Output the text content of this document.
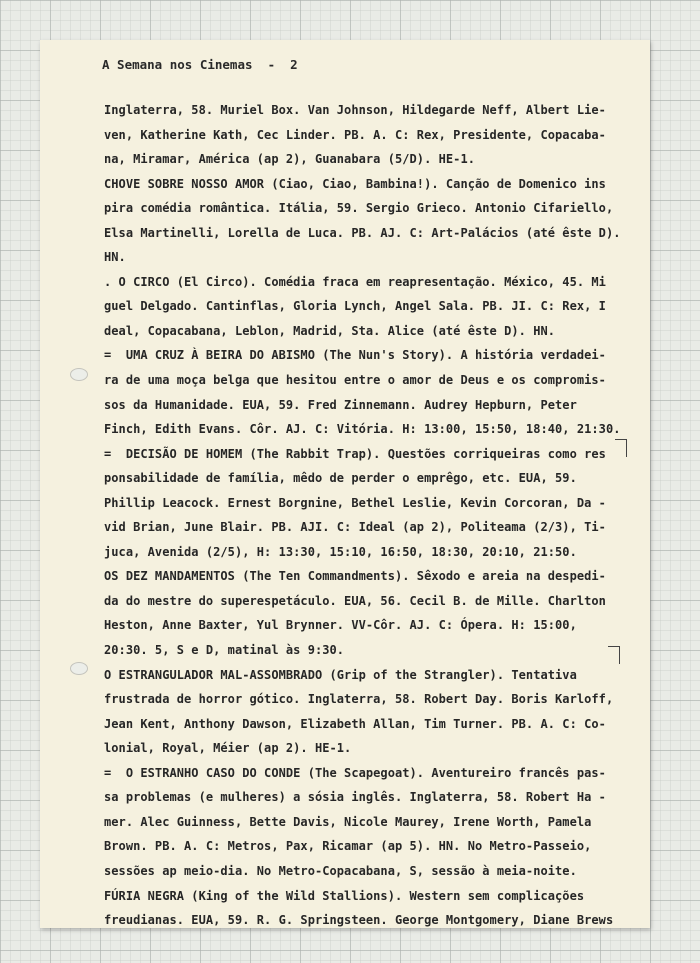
A Semana nos Cinemas  -  2
Inglaterra, 58. Muriel Box. Van Johnson, Hildegarde Neff, Albert Lie-
ven, Katherine Kath, Cec Linder. PB. A. C: Rex, Presidente, Copacaba-
na, Miramar, América (ap 2), Guanabara (5/D). HE-1.
CHOVE SOBRE NOSSO AMOR (Ciao, Ciao, Bambina!). Canção de Domenico ins
pira comédia romântica. Itália, 59. Sergio Grieco. Antonio Cifariello,
Elsa Martinelli, Lorella de Luca. PB. AJ. C: Art-Palácios (até êste D).
HN.
. O CIRCO (El Circo). Comédia fraca em reapresentação. México, 45. Mi
guel Delgado. Cantinflas, Gloria Lynch, Angel Sala. PB. JI. C: Rex, I
deal, Copacabana, Leblon, Madrid, Sta. Alice (até êste D). HN.
=  UMA CRUZ À BEIRA DO ABISMO (The Nun's Story). A história verdadei-
ra de uma moça belga que hesitou entre o amor de Deus e os compromis-
sos da Humanidade. EUA, 59. Fred Zinnemann. Audrey Hepburn, Peter
Finch, Edith Evans. Côr. AJ. C: Vitória. H: 13:00, 15:50, 18:40, 21:30.
=  DECISÃO DE HOMEM (The Rabbit Trap). Questões corriqueiras como res
ponsabilidade de família, mêdo de perder o emprêgo, etc. EUA, 59.
Phillip Leacock. Ernest Borgnine, Bethel Leslie, Kevin Corcoran, Da -
vid Brian, June Blair. PB. AJI. C: Ideal (ap 2), Politeama (2/3), Ti-
juca, Avenida (2/5), H: 13:30, 15:10, 16:50, 18:30, 20:10, 21:50.
OS DEZ MANDAMENTOS (The Ten Commandments). Sêxodo e areia na despedi-
da do mestre do superespetáculo. EUA, 56. Cecil B. de Mille. Charlton
Heston, Anne Baxter, Yul Brynner. VV-Côr. AJ. C: Ópera. H: 15:00,
20:30. 5, S e D, matinal às 9:30.
O ESTRANGULADOR MAL-ASSOMBRADO (Grip of the Strangler). Tentativa
frustrada de horror gótico. Inglaterra, 58. Robert Day. Boris Karloff,
Jean Kent, Anthony Dawson, Elizabeth Allan, Tim Turner. PB. A. C: Co-
lonial, Royal, Méier (ap 2). HE-1.
=  O ESTRANHO CASO DO CONDE (The Scapegoat). Aventureiro francês pas-
sa problemas (e mulheres) a sósia inglês. Inglaterra, 58. Robert Ha -
mer. Alec Guinness, Bette Davis, Nicole Maurey, Irene Worth, Pamela
Brown. PB. A. C: Metros, Pax, Ricamar (ap 5). HN. No Metro-Passeio,
sessões ap meio-dia. No Metro-Copacabana, S, sessão à meia-noite.
FÚRIA NEGRA (King of the Wild Stallions). Western sem complicações
freudianas. EUA, 59. R. G. Springsteen. George Montgomery, Diane Brews
